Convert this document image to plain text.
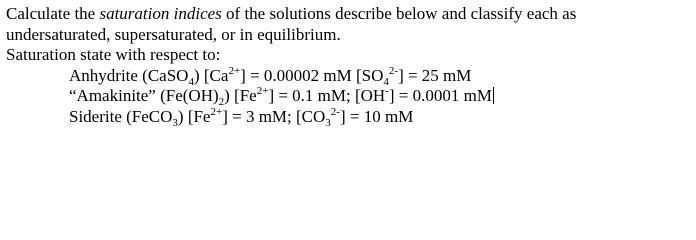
Calculate the saturation indices of the solutions describe below and classify each as
undersaturated, supersaturated, or in equilibrium.
Saturation state with respect to:
Anhydrite (CaSO$_4$) $[Ca^{2+}] = 0.00002$ mM $[SO_4^{2-}] = 25$ mM
“Amakinite” $(Fe(OH)_2) [Fe^{2+}] = 0.1$ mM; [OH-] = 0.0001 mM
Siderite (FeCO$_3$) $[Fe^{2+}] = 3$ mM; $[CO_3^{2-}] = 10$ mM
